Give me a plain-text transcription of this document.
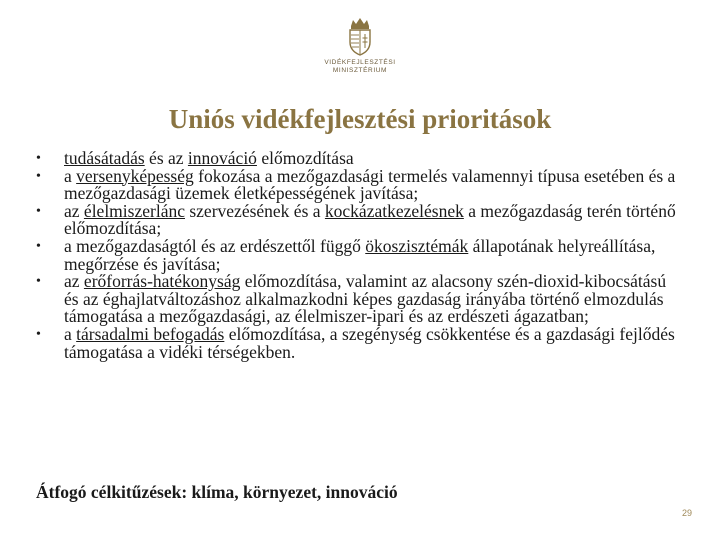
VIDÉKFEJLESZTÉSI
MINISZTÉRIUM
Uniós vidékfejlesztési prioritások
• tudásátadás és az innováció előmozdítása
• a versenyképesség fokozása a mezőgazdasági termelés valamennyi típusa esetében és a mezőgazdasági üzemek életképességének javítása;
• az élelmiszerlánc szervezésének és a kockázatkezelésnek a mezőgazdaság terén történő előmozdítása;
• a mezőgazdaságtól és az erdészettől függő ökoszisztémák állapotának helyreállítása, megőrzése és javítása;
• az erőforrás-hatékonyság előmozdítása, valamint az alacsony szén-dioxid-kibocsátású és az éghajlatváltozáshoz alkalmazkodni képes gazdaság irányába történő elmozdulás támogatása a mezőgazdasági, az élelmiszer-ipari és az erdészeti ágazatban;
• a társadalmi befogadás előmozdítása, a szegénység csökkentése és a gazdasági fejlődés támogatása a vidéki térségekben.
Átfogó célkitűzések: klíma, környezet, innováció
29
